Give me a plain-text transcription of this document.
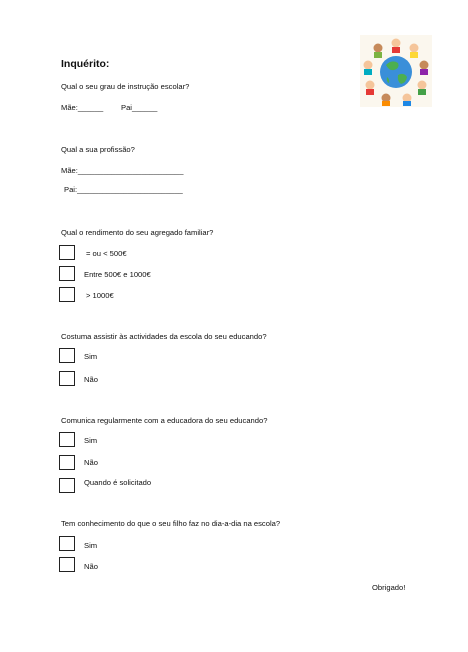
Inquérito:

Qual o seu grau de instrução escolar?

Mãe:______ Pai______

Qual a sua profissão?

Mãe:_________________________
Pai:_________________________

Qual o rendimento do seu agregado familiar?

= ou < 500€
Entre 500€ e 1000€
> 1000€

Costuma assistir às actividades da escola do seu educando?

Sim
Não

Comunica regularmente com a educadora do seu educando?

Sim
Não
Quando é solicitado

Tem conhecimento do que o seu filho faz no dia-a-dia na escola?

Sim
Não
Obrigado!
